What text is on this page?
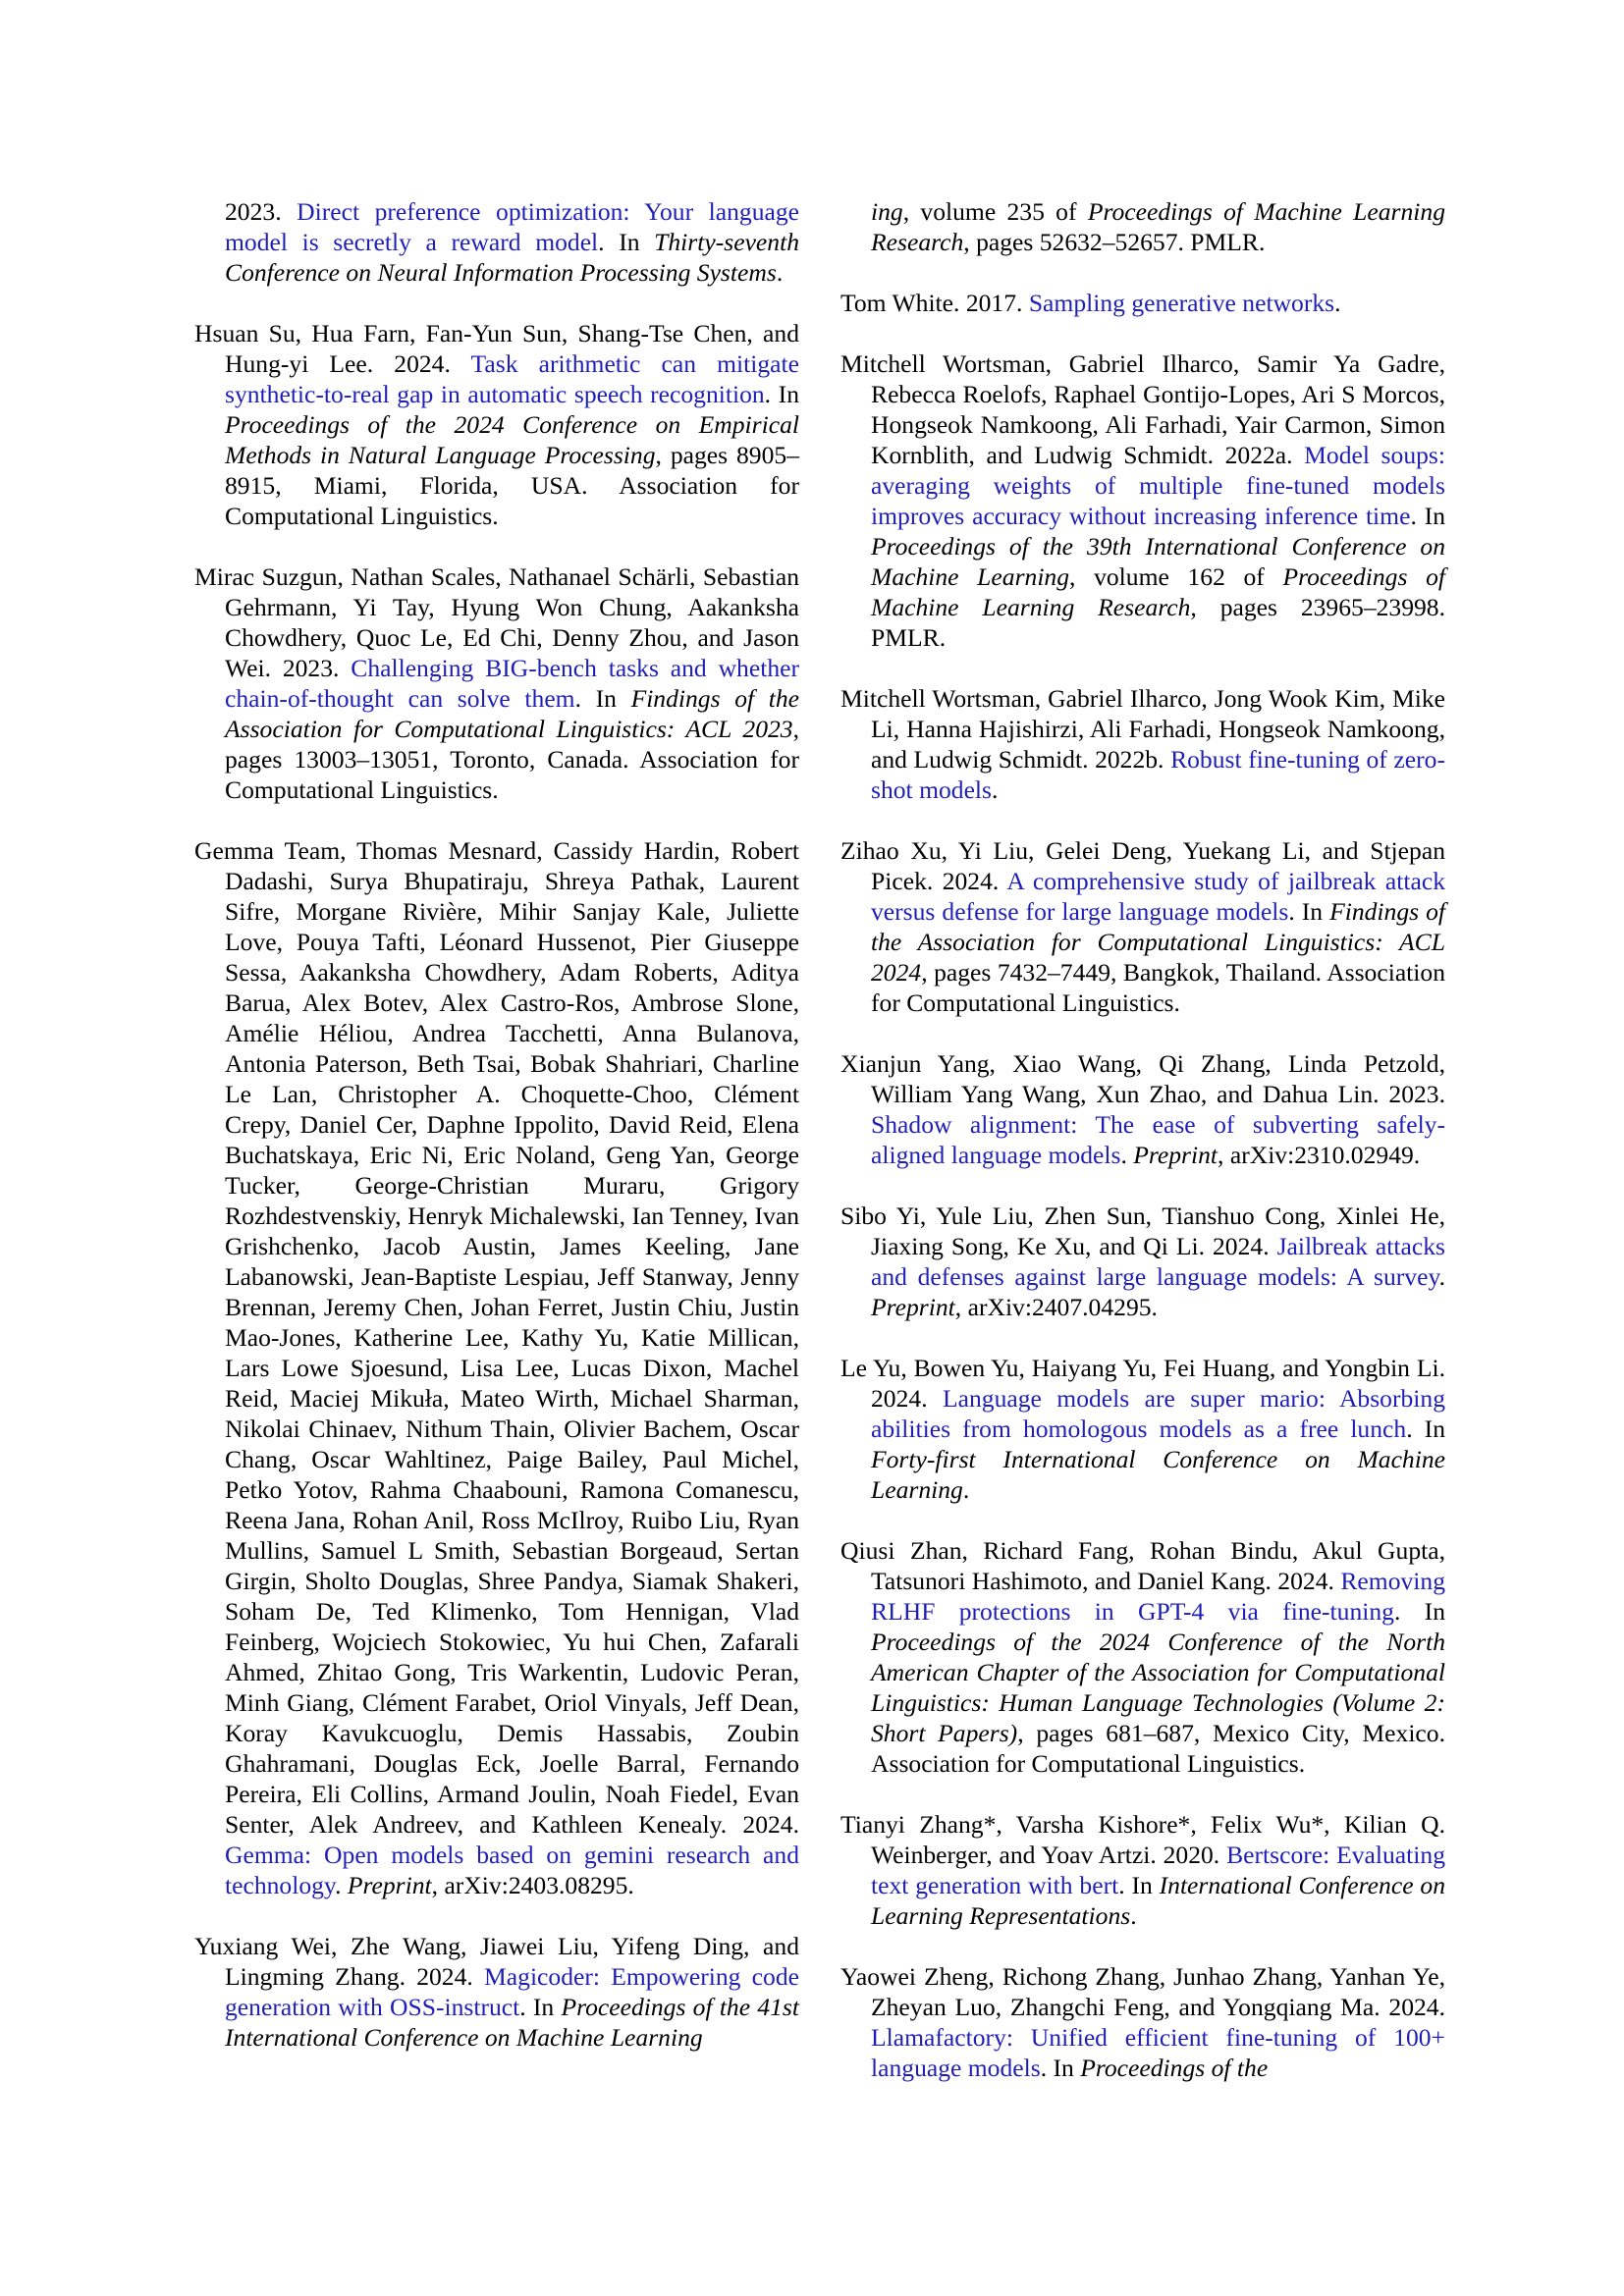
2023. Direct preference optimization: Your language model is secretly a reward model. In Thirty-seventh Conference on Neural Information Processing Systems.

Hsuan Su, Hua Farn, Fan-Yun Sun, Shang-Tse Chen, and Hung-yi Lee. 2024. Task arithmetic can mitigate synthetic-to-real gap in automatic speech recognition. In Proceedings of the 2024 Conference on Empirical Methods in Natural Language Processing, pages 8905–8915, Miami, Florida, USA. Association for Computational Linguistics.

Mirac Suzgun, Nathan Scales, Nathanael Schärli, Sebastian Gehrmann, Yi Tay, Hyung Won Chung, Aakanksha Chowdhery, Quoc Le, Ed Chi, Denny Zhou, and Jason Wei. 2023. Challenging BIG-bench tasks and whether chain-of-thought can solve them. In Findings of the Association for Computational Linguistics: ACL 2023, pages 13003–13051, Toronto, Canada. Association for Computational Linguistics.

Gemma Team, Thomas Mesnard, Cassidy Hardin, Robert Dadashi, Surya Bhupatiraju, Shreya Pathak, Laurent Sifre, Morgane Rivière, Mihir Sanjay Kale, Juliette Love, Pouya Tafti, Léonard Hussenot, Pier Giuseppe Sessa, Aakanksha Chowdhery, Adam Roberts, Aditya Barua, Alex Botev, Alex Castro-Ros, Ambrose Slone, Amélie Héliou, Andrea Tacchetti, Anna Bulanova, Antonia Paterson, Beth Tsai, Bobak Shahriari, Charline Le Lan, Christopher A. Choquette-Choo, Clément Crepy, Daniel Cer, Daphne Ippolito, David Reid, Elena Buchatskaya, Eric Ni, Eric Noland, Geng Yan, George Tucker, George-Christian Muraru, Grigory Rozhdestvenskiy, Henryk Michalewski, Ian Tenney, Ivan Grishchenko, Jacob Austin, James Keeling, Jane Labanowski, Jean-Baptiste Lespiau, Jeff Stanway, Jenny Brennan, Jeremy Chen, Johan Ferret, Justin Chiu, Justin Mao-Jones, Katherine Lee, Kathy Yu, Katie Millican, Lars Lowe Sjoesund, Lisa Lee, Lucas Dixon, Machel Reid, Maciej Mikuła, Mateo Wirth, Michael Sharman, Nikolai Chinaev, Nithum Thain, Olivier Bachem, Oscar Chang, Oscar Wahltinez, Paige Bailey, Paul Michel, Petko Yotov, Rahma Chaabouni, Ramona Comanescu, Reena Jana, Rohan Anil, Ross McIlroy, Ruibo Liu, Ryan Mullins, Samuel L Smith, Sebastian Borgeaud, Sertan Girgin, Sholto Douglas, Shree Pandya, Siamak Shakeri, Soham De, Ted Klimenko, Tom Hennigan, Vlad Feinberg, Wojciech Stokowiec, Yu hui Chen, Zafarali Ahmed, Zhitao Gong, Tris Warkentin, Ludovic Peran, Minh Giang, Clément Farabet, Oriol Vinyals, Jeff Dean, Koray Kavukcuoglu, Demis Hassabis, Zoubin Ghahramani, Douglas Eck, Joelle Barral, Fernando Pereira, Eli Collins, Armand Joulin, Noah Fiedel, Evan Senter, Alek Andreev, and Kathleen Kenealy. 2024. Gemma: Open models based on gemini research and technology. Preprint, arXiv:2403.08295.

Yuxiang Wei, Zhe Wang, Jiawei Liu, Yifeng Ding, and Lingming Zhang. 2024. Magicoder: Empowering code generation with OSS-instruct. In Proceedings of the 41st International Conference on Machine Learning

ing, volume 235 of Proceedings of Machine Learning Research, pages 52632–52657. PMLR.

Tom White. 2017. Sampling generative networks.

Mitchell Wortsman, Gabriel Ilharco, Samir Ya Gadre, Rebecca Roelofs, Raphael Gontijo-Lopes, Ari S Morcos, Hongseok Namkoong, Ali Farhadi, Yair Carmon, Simon Kornblith, and Ludwig Schmidt. 2022a. Model soups: averaging weights of multiple fine-tuned models improves accuracy without increasing inference time. In Proceedings of the 39th International Conference on Machine Learning, volume 162 of Proceedings of Machine Learning Research, pages 23965–23998. PMLR.

Mitchell Wortsman, Gabriel Ilharco, Jong Wook Kim, Mike Li, Hanna Hajishirzi, Ali Farhadi, Hongseok Namkoong, and Ludwig Schmidt. 2022b. Robust fine-tuning of zero-shot models.

Zihao Xu, Yi Liu, Gelei Deng, Yuekang Li, and Stjepan Picek. 2024. A comprehensive study of jailbreak attack versus defense for large language models. In Findings of the Association for Computational Linguistics: ACL 2024, pages 7432–7449, Bangkok, Thailand. Association for Computational Linguistics.

Xianjun Yang, Xiao Wang, Qi Zhang, Linda Petzold, William Yang Wang, Xun Zhao, and Dahua Lin. 2023. Shadow alignment: The ease of subverting safely-aligned language models. Preprint, arXiv:2310.02949.

Sibo Yi, Yule Liu, Zhen Sun, Tianshuo Cong, Xinlei He, Jiaxing Song, Ke Xu, and Qi Li. 2024. Jailbreak attacks and defenses against large language models: A survey. Preprint, arXiv:2407.04295.

Le Yu, Bowen Yu, Haiyang Yu, Fei Huang, and Yongbin Li. 2024. Language models are super mario: Absorbing abilities from homologous models as a free lunch. In Forty-first International Conference on Machine Learning.

Qiusi Zhan, Richard Fang, Rohan Bindu, Akul Gupta, Tatsunori Hashimoto, and Daniel Kang. 2024. Removing RLHF protections in GPT-4 via fine-tuning. In Proceedings of the 2024 Conference of the North American Chapter of the Association for Computational Linguistics: Human Language Technologies (Volume 2: Short Papers), pages 681–687, Mexico City, Mexico. Association for Computational Linguistics.

Tianyi Zhang*, Varsha Kishore*, Felix Wu*, Kilian Q. Weinberger, and Yoav Artzi. 2020. Bertscore: Evaluating text generation with bert. In International Conference on Learning Representations.

Yaowei Zheng, Richong Zhang, Junhao Zhang, Yanhan Ye, Zheyan Luo, Zhangchi Feng, and Yongqiang Ma. 2024. Llamafactory: Unified efficient fine-tuning of 100+ language models. In Proceedings of the
